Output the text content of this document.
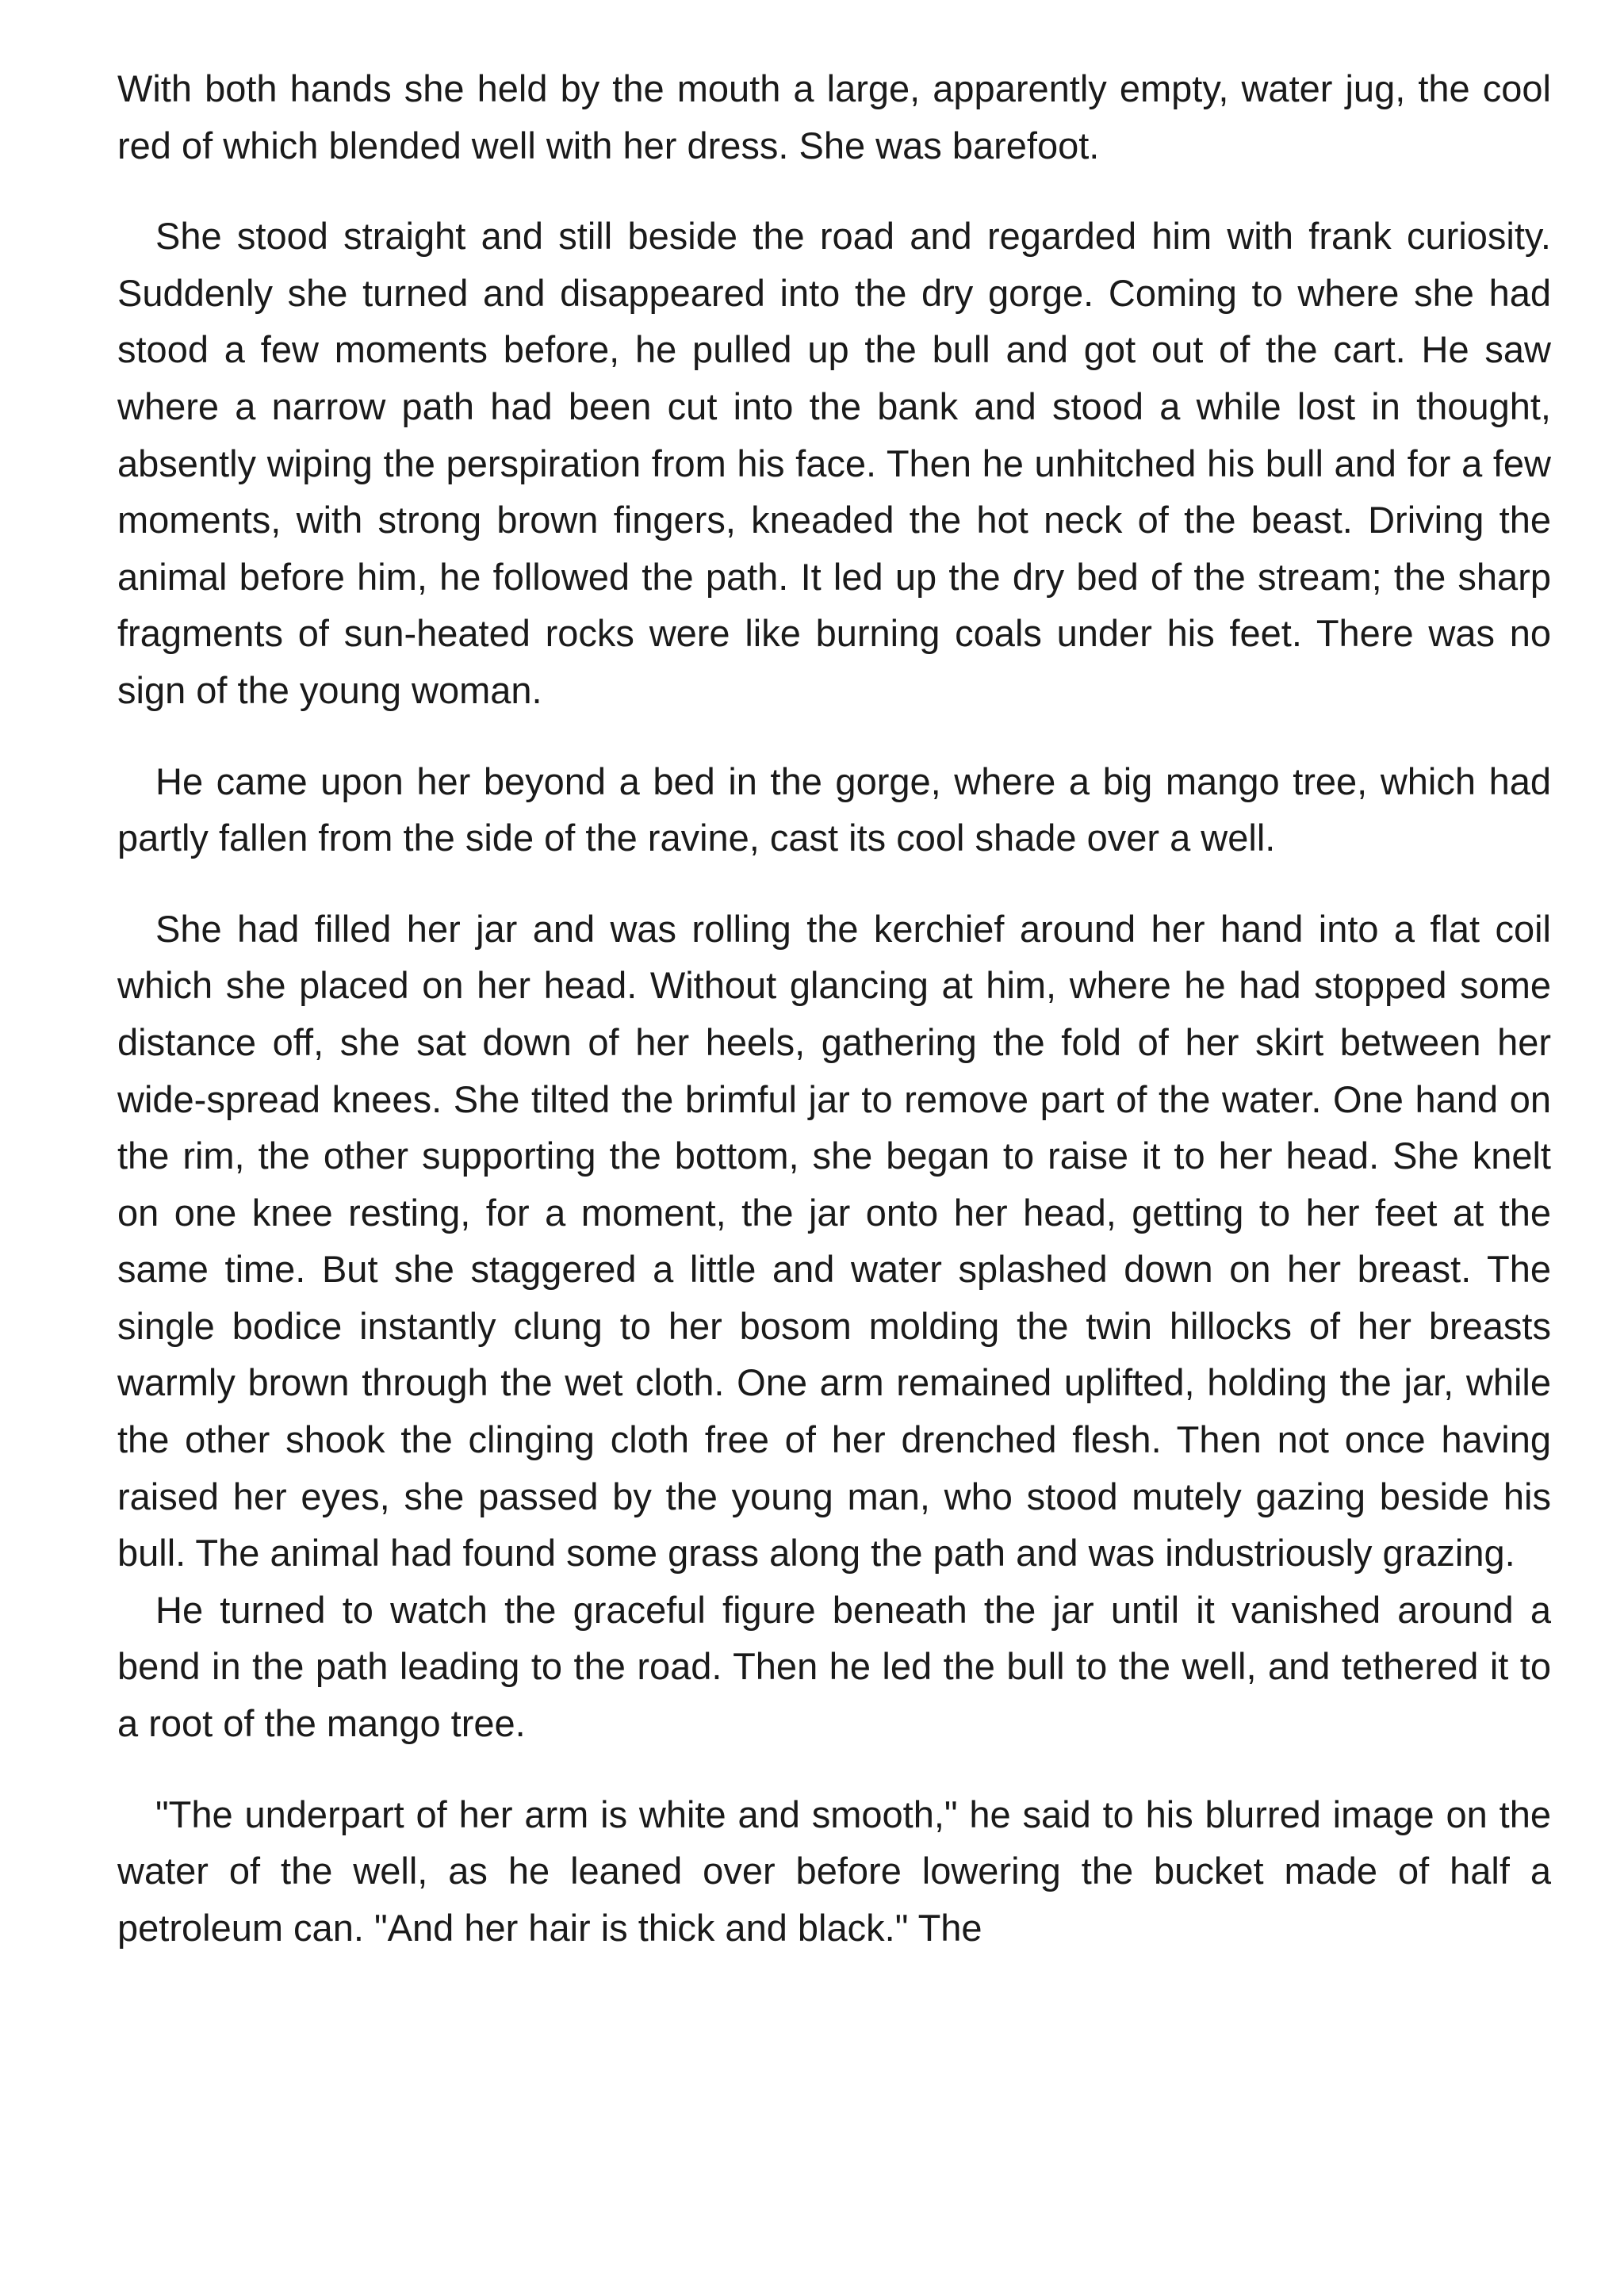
With both hands she held by the mouth a large, apparently empty, water jug, the cool red of which blended well with her dress. She was barefoot.

She stood straight and still beside the road and regarded him with frank curiosity. Suddenly she turned and disappeared into the dry gorge. Coming to where she had stood a few moments before, he pulled up the bull and got out of the cart. He saw where a narrow path had been cut into the bank and stood a while lost in thought, absently wiping the perspiration from his face. Then he unhitched his bull and for a few moments, with strong brown fingers, kneaded the hot neck of the beast. Driving the animal before him, he followed the path. It led up the dry bed of the stream; the sharp fragments of sun-heated rocks were like burning coals under his feet. There was no sign of the young woman.

He came upon her beyond a bed in the gorge, where a big mango tree, which had partly fallen from the side of the ravine, cast its cool shade over a well.

She had filled her jar and was rolling the kerchief around her hand into a flat coil which she placed on her head. Without glancing at him, where he had stopped some distance off, she sat down of her heels, gathering the fold of her skirt between her wide-spread knees. She tilted the brimful jar to remove part of the water. One hand on the rim, the other supporting the bottom, she began to raise it to her head. She knelt on one knee resting, for a moment, the jar onto her head, getting to her feet at the same time. But she staggered a little and water splashed down on her breast. The single bodice instantly clung to her bosom molding the twin hillocks of her breasts warmly brown through the wet cloth. One arm remained uplifted, holding the jar, while the other shook the clinging cloth free of her drenched flesh. Then not once having raised her eyes, she passed by the young man, who stood mutely gazing beside his bull. The animal had found some grass along the path and was industriously grazing.

He turned to watch the graceful figure beneath the jar until it vanished around a bend in the path leading to the road. Then he led the bull to the well, and tethered it to a root of the mango tree.

"The underpart of her arm is white and smooth," he said to his blurred image on the water of the well, as he leaned over before lowering the bucket made of half a petroleum can. "And her hair is thick and black." The
